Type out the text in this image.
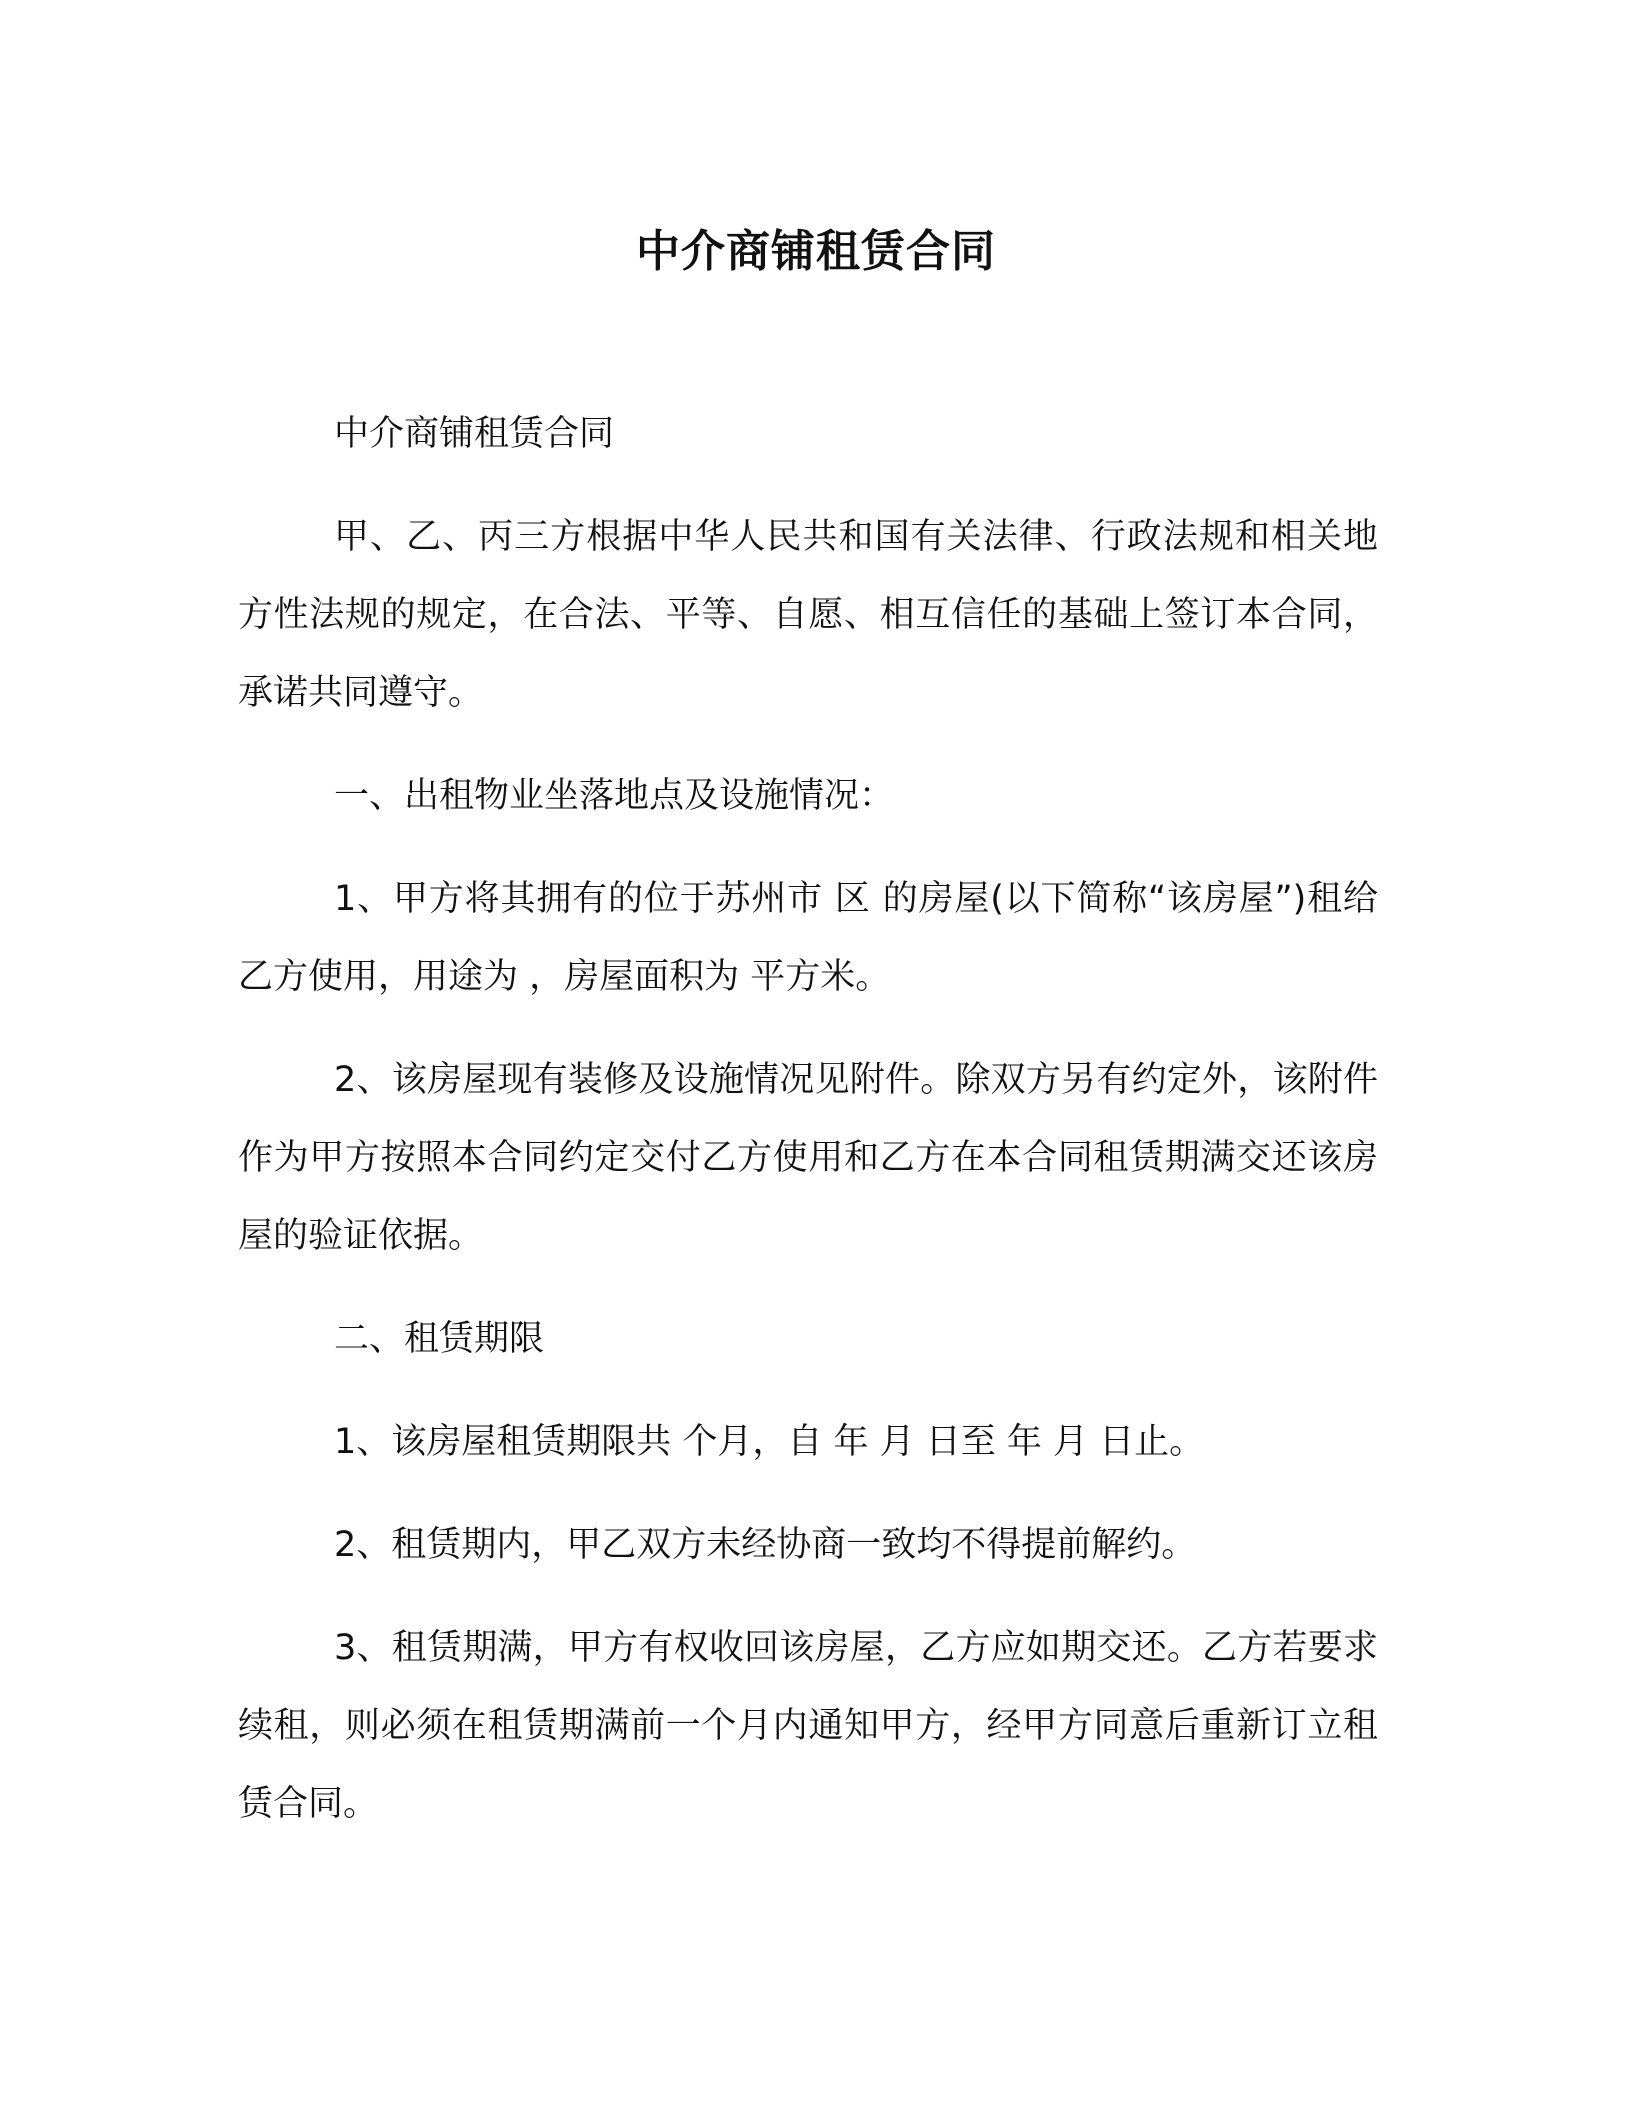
中介商铺租赁合同

中介商铺租赁合同

甲、乙、丙三方根据中华人民共和国有关法律、行政法规和相关地方性法规的规定，在合法、平等、自愿、相互信任的基础上签订本合同，承诺共同遵守。

一、出租物业坐落地点及设施情况：

1、甲方将其拥有的位于苏州市 区 的房屋(以下简称“该房屋”)租给乙方使用，用途为 ，房屋面积为 平方米。

2、该房屋现有装修及设施情况见附件。除双方另有约定外，该附件作为甲方按照本合同约定交付乙方使用和乙方在本合同租赁期满交还该房屋的验证依据。

二、租赁期限

1、该房屋租赁期限共 个月，自 年 月 日至 年 月 日止。

2、租赁期内，甲乙双方未经协商一致均不得提前解约。

3、租赁期满，甲方有权收回该房屋，乙方应如期交还。乙方若要求续租，则必须在租赁期满前一个月内通知甲方，经甲方同意后重新订立租赁合同。
